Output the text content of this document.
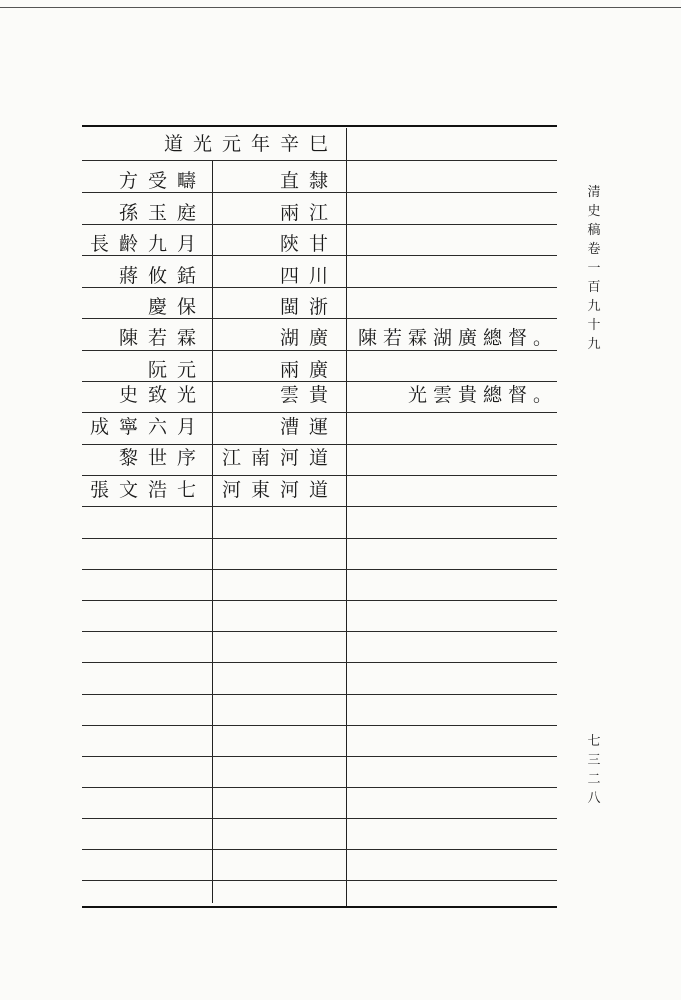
道光元年辛巳
直隸
方受疇
兩江
孫玉庭
陝甘
長齡九月
四川
蔣攸銛
閩浙
慶保
湖廣
陳若霖	陳若霖湖廣總督。
兩廣
阮元
雲貴
史致光	光雲貴總督。
漕運
成寧六月
江南河道
黎世序
河東河道
張文浩七
清史稿卷一百九十九
七三二八
